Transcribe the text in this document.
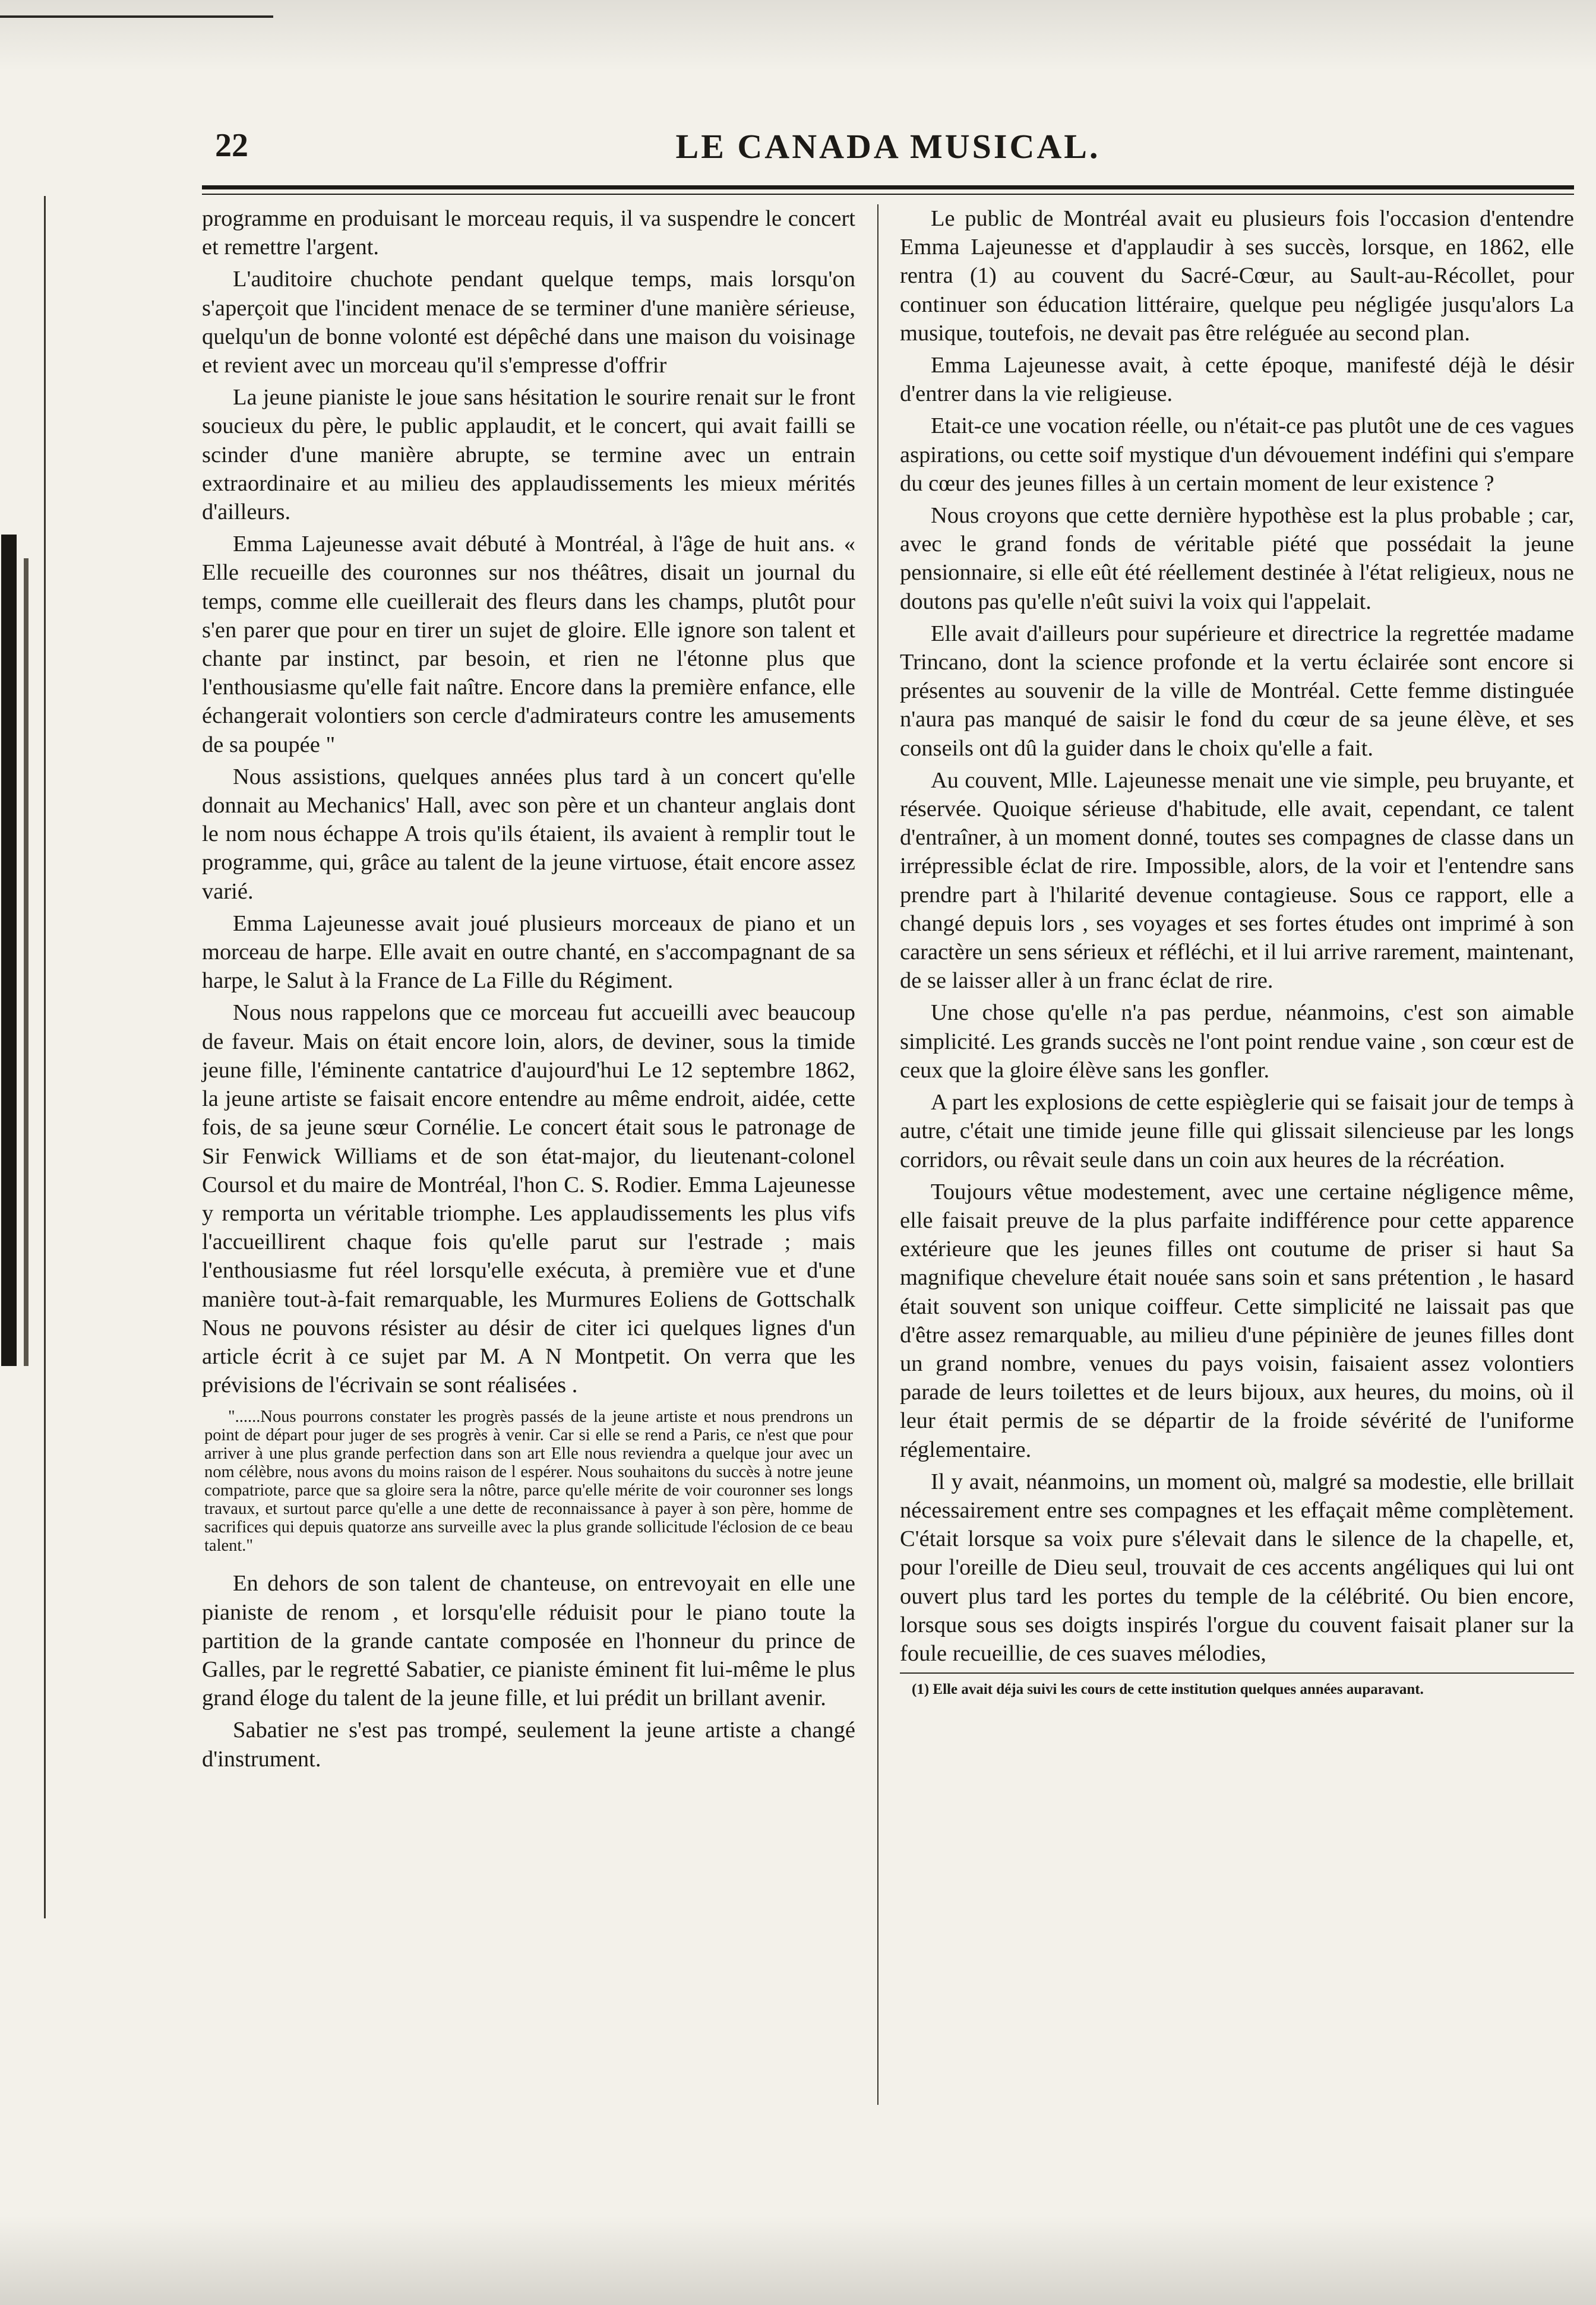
22	LE CANADA MUSICAL.

programme en produisant le morceau requis, il va suspendre le concert et remettre l'argent.

L'auditoire chuchote pendant quelque temps, mais lorsqu'on s'aperçoit que l'incident menace de se terminer d'une manière sérieuse, quelqu'un de bonne volonté est dépêché dans une maison du voisinage et revient avec un morceau qu'il s'empresse d'offrir

La jeune pianiste le joue sans hésitation le sourire renait sur le front soucieux du père, le public applaudit, et le concert, qui avait failli se scinder d'une manière abrupte, se termine avec un entrain extraordinaire et au milieu des applaudissements les mieux mérités d'ailleurs.

Emma Lajeunesse avait débuté à Montréal, à l'âge de huit ans. « Elle recueille des couronnes sur nos théâtres, disait un journal du temps, comme elle cueillerait des fleurs dans les champs, plutôt pour s'en parer que pour en tirer un sujet de gloire. Elle ignore son talent et chante par instinct, par besoin, et rien ne l'étonne plus que l'enthousiasme qu'elle fait naître. Encore dans la première enfance, elle échangerait volontiers son cercle d'admirateurs contre les amusements de sa poupée "

Nous assistions, quelques années plus tard à un concert qu'elle donnait au Mechanics' Hall, avec son père et un chanteur anglais dont le nom nous échappe A trois qu'ils étaient, ils avaient à remplir tout le programme, qui, grâce au talent de la jeune virtuose, était encore assez varié.

Emma Lajeunesse avait joué plusieurs morceaux de piano et un morceau de harpe. Elle avait en outre chanté, en s'accompagnant de sa harpe, le Salut à la France de La Fille du Régiment.

Nous nous rappelons que ce morceau fut accueilli avec beaucoup de faveur. Mais on était encore loin, alors, de deviner, sous la timide jeune fille, l'éminente cantatrice d'aujourd'hui Le 12 septembre 1862, la jeune artiste se faisait encore entendre au même endroit, aidée, cette fois, de sa jeune sœur Cornélie. Le concert était sous le patronage de Sir Fenwick Williams et de son état-major, du lieutenant-colonel Coursol et du maire de Montréal, l'hon C. S. Rodier. Emma Lajeunesse y remporta un véritable triomphe. Les applaudissements les plus vifs l'accueillirent chaque fois qu'elle parut sur l'estrade ; mais l'enthousiasme fut réel lorsqu'elle exécuta, à première vue et d'une manière tout-à-fait remarquable, les Murmures Eoliens de Gottschalk Nous ne pouvons résister au désir de citer ici quelques lignes d'un article écrit à ce sujet par M. A N Montpetit. On verra que les prévisions de l'écrivain se sont réalisées .

"......Nous pourrons constater les progrès passés de la jeune artiste et nous prendrons un point de départ pour juger de ses progrès à venir. Car si elle se rend a Paris, ce n'est que pour arriver à une plus grande perfection dans son art Elle nous reviendra a quelque jour avec un nom célèbre, nous avons du moins raison de l espérer. Nous souhaitons du succès à notre jeune compatriote, parce que sa gloire sera la nôtre, parce qu'elle mérite de voir couronner ses longs travaux, et surtout parce qu'elle a une dette de reconnaissance à payer à son père, homme de sacrifices qui depuis quatorze ans surveille avec la plus grande sollicitude l'éclosion de ce beau talent."

En dehors de son talent de chanteuse, on entrevoyait en elle une pianiste de renom , et lorsqu'elle réduisit pour le piano toute la partition de la grande cantate composée en l'honneur du prince de Galles, par le regretté Sabatier, ce pianiste éminent fit lui-même le plus grand éloge du talent de la jeune fille, et lui prédit un brillant avenir.

Sabatier ne s'est pas trompé, seulement la jeune artiste a changé d'instrument.

Le public de Montréal avait eu plusieurs fois l'occasion d'entendre Emma Lajeunesse et d'applaudir à ses succès, lorsque, en 1862, elle rentra (1) au couvent du Sacré-Cœur, au Sault-au-Récollet, pour continuer son éducation littéraire, quelque peu négligée jusqu'alors La musique, toutefois, ne devait pas être reléguée au second plan.

Emma Lajeunesse avait, à cette époque, manifesté déjà le désir d'entrer dans la vie religieuse.

Etait-ce une vocation réelle, ou n'était-ce pas plutôt une de ces vagues aspirations, ou cette soif mystique d'un dévouement indéfini qui s'empare du cœur des jeunes filles à un certain moment de leur existence ?

Nous croyons que cette dernière hypothèse est la plus probable ; car, avec le grand fonds de véritable piété que possédait la jeune pensionnaire, si elle eût été réellement destinée à l'état religieux, nous ne doutons pas qu'elle n'eût suivi la voix qui l'appelait.

Elle avait d'ailleurs pour supérieure et directrice la regrettée madame Trincano, dont la science profonde et la vertu éclairée sont encore si présentes au souvenir de la ville de Montréal. Cette femme distinguée n'aura pas manqué de saisir le fond du cœur de sa jeune élève, et ses conseils ont dû la guider dans le choix qu'elle a fait.

Au couvent, Mlle. Lajeunesse menait une vie simple, peu bruyante, et réservée. Quoique sérieuse d'habitude, elle avait, cependant, ce talent d'entraîner, à un moment donné, toutes ses compagnes de classe dans un irrépressible éclat de rire. Impossible, alors, de la voir et l'entendre sans prendre part à l'hilarité devenue contagieuse. Sous ce rapport, elle a changé depuis lors , ses voyages et ses fortes études ont imprimé à son caractère un sens sérieux et réfléchi, et il lui arrive rarement, maintenant, de se laisser aller à un franc éclat de rire.

Une chose qu'elle n'a pas perdue, néanmoins, c'est son aimable simplicité. Les grands succès ne l'ont point rendue vaine , son cœur est de ceux que la gloire élève sans les gonfler.

A part les explosions de cette espièglerie qui se faisait jour de temps à autre, c'était une timide jeune fille qui glissait silencieuse par les longs corridors, ou rêvait seule dans un coin aux heures de la récréation.

Toujours vêtue modestement, avec une certaine négligence même, elle faisait preuve de la plus parfaite indifférence pour cette apparence extérieure que les jeunes filles ont coutume de priser si haut Sa magnifique chevelure était nouée sans soin et sans prétention , le hasard était souvent son unique coiffeur. Cette simplicité ne laissait pas que d'être assez remarquable, au milieu d'une pépinière de jeunes filles dont un grand nombre, venues du pays voisin, faisaient assez volontiers parade de leurs toilettes et de leurs bijoux, aux heures, du moins, où il leur était permis de se départir de la froide sévérité de l'uniforme réglementaire.

Il y avait, néanmoins, un moment où, malgré sa modestie, elle brillait nécessairement entre ses compagnes et les effaçait même complètement. C'était lorsque sa voix pure s'élevait dans le silence de la chapelle, et, pour l'oreille de Dieu seul, trouvait de ces accents angéliques qui lui ont ouvert plus tard les portes du temple de la célébrité. Ou bien encore, lorsque sous ses doigts inspirés l'orgue du couvent faisait planer sur la foule recueillie, de ces suaves mélodies,

(1) Elle avait déja suivi les cours de cette institution quelques années auparavant.
